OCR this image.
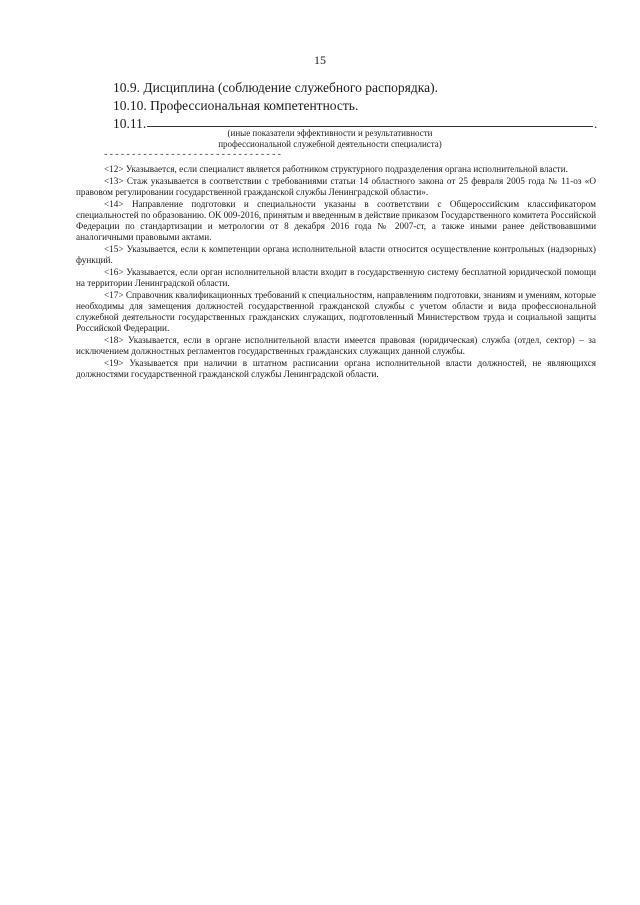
15
10.9. Дисциплина (соблюдение служебного распорядка).
10.10. Профессиональная компетентность.
10.11.	.
(иные показатели эффективности и результативности
профессиональной служебной деятельности специалиста)
--------------------------------

<12> Указывается, если специалист является работником структурного подразделения органа исполнительной власти.

<13> Стаж указывается в соответствии с требованиями статьи 14 областного закона от 25 февраля 2005 года № 11-оз «О правовом регулировании государственной гражданской службы Ленинградской области».

<14> Направление подготовки и специальности указаны в соответствии с Общероссийским классификатором специальностей по образованию. ОК 009-2016, принятым и введенным в действие приказом Государственного комитета Российской Федерации по стандартизации и метрологии от 8 декабря 2016 года № 2007-ст, а также иными ранее действовавшими аналогичными правовыми актами.

<15> Указывается, если к компетенции органа исполнительной власти относится осуществление контрольных (надзорных) функций.

<16> Указывается, если орган исполнительной власти входит в государственную систему бесплатной юридической помощи на территории Ленинградской области.

<17> Справочник квалификационных требований к специальностям, направлениям подготовки, знаниям и умениям, которые необходимы для замещения должностей государственной гражданской службы с учетом области и вида профессиональной служебной деятельности государственных гражданских служащих, подготовленный Министерством труда и социальной защиты Российской Федерации.

<18> Указывается, если в органе исполнительной власти имеется правовая (юридическая) служба (отдел, сектор) – за исключением должностных регламентов государственных гражданских служащих данной службы.

<19> Указывается при наличии в штатном расписании органа исполнительной власти должностей, не являющихся должностями государственной гражданской службы Ленинградской области.
